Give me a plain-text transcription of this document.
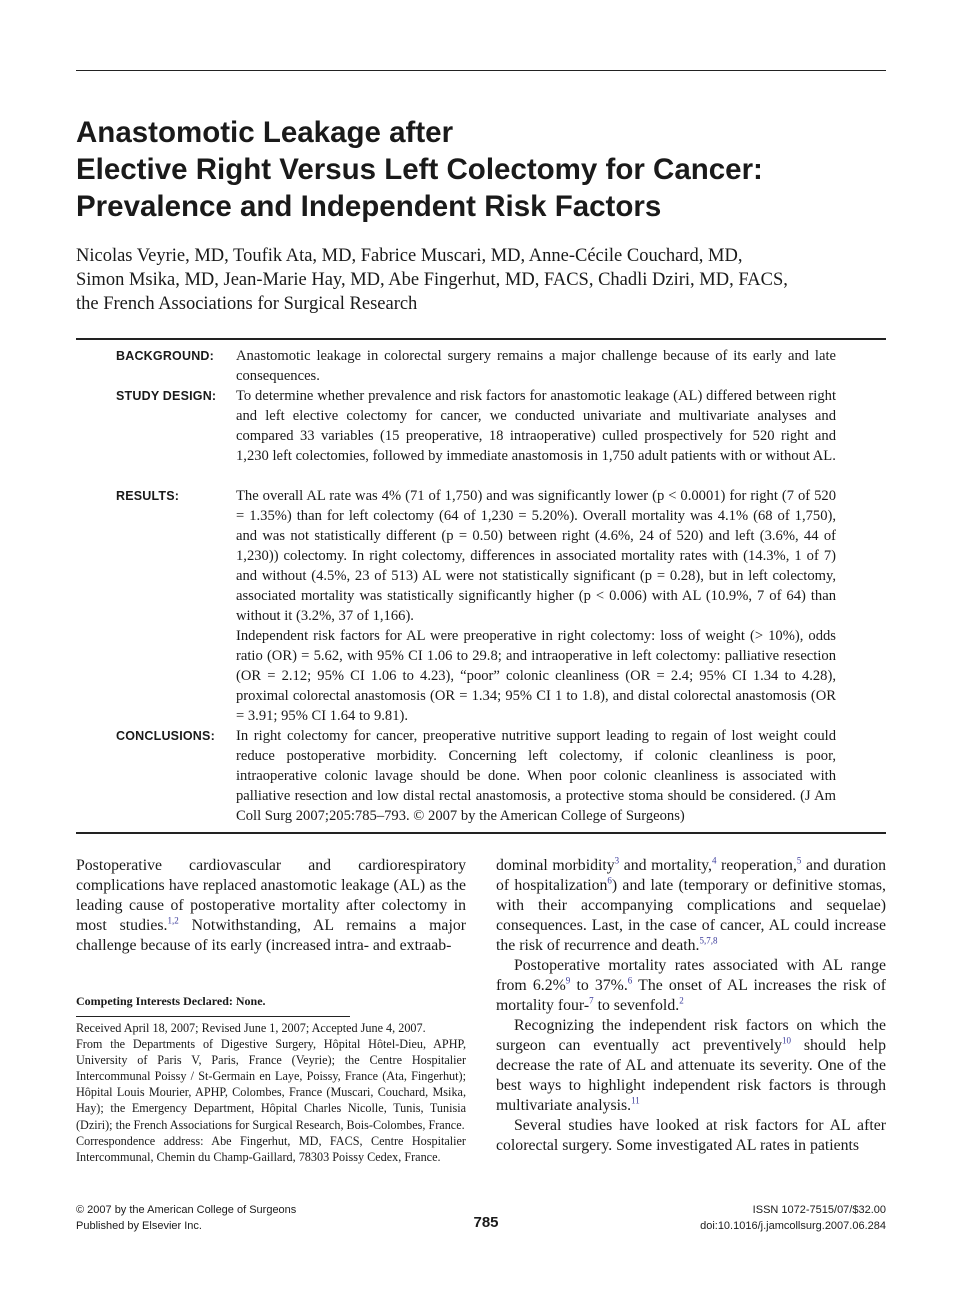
Anastomotic Leakage after
Elective Right Versus Left Colectomy for Cancer:
Prevalence and Independent Risk Factors
Nicolas Veyrie, MD, Toufik Ata, MD, Fabrice Muscari, MD, Anne-Cécile Couchard, MD,
Simon Msika, MD, Jean-Marie Hay, MD, Abe Fingerhut, MD, FACS, Chadli Dziri, MD, FACS,
the French Associations for Surgical Research
BACKGROUND: Anastomotic leakage in colorectal surgery remains a major challenge because of its early and late consequences.
STUDY DESIGN: To determine whether prevalence and risk factors for anastomotic leakage (AL) differed between right and left elective colectomy for cancer, we conducted univariate and multivariate analyses and compared 33 variables (15 preoperative, 18 intraoperative) culled prospectively for 520 right and 1,230 left colectomies, followed by immediate anastomosis in 1,750 adult patients with or without AL.
RESULTS:	The overall AL rate was 4% (71 of 1,750) and was significantly lower (p < 0.0001) for right (7 of 520 = 1.35%) than for left colectomy (64 of 1,230 = 5.20%). Overall mortality was 4.1% (68 of 1,750), and was not statistically different (p = 0.50) between right (4.6%, 24 of 520) and left (3.6%, 44 of 1,230)) colectomy. In right colectomy, differences in associated mortality rates with (14.3%, 1 of 7) and without (4.5%, 23 of 513) AL were not statistically significant (p = 0.28), but in left colectomy, associated mortality was statistically significantly higher (p < 0.006) with AL (10.9%, 7 of 64) than without it (3.2%, 37 of 1,166).

Independent risk factors for AL were preoperative in right colectomy: loss of weight (> 10%), odds ratio (OR) = 5.62, with 95% CI 1.06 to 29.8; and intraoperative in left colectomy: palliative resection (OR = 2.12; 95% CI 1.06 to 4.23), “poor” colonic cleanliness (OR = 2.4; 95% CI 1.34 to 4.28), proximal colorectal anastomosis (OR = 1.34; 95% CI 1 to 1.8), and distal colorectal anastomosis (OR = 3.91; 95% CI 1.64 to 9.81).

CONCLUSIONS: In right colectomy for cancer, preoperative nutritive support leading to regain of lost weight could reduce postoperative morbidity. Concerning left colectomy, if colonic cleanliness is poor, intraoperative colonic lavage should be done. When poor colonic cleanliness is associated with palliative resection and low distal rectal anastomosis, a protective stoma should be considered. (J Am Coll Surg 2007;205:785–793. © 2007 by the American College of Surgeons)

Postoperative cardiovascular and cardiorespiratory complications have replaced anastomotic leakage (AL) as the leading cause of postoperative mortality after colectomy in most studies.$^{1,2}$ Notwithstanding, AL remains a major challenge because of its early (increased intra- and extraab-

Competing Interests Declared: None.

Received April 18, 2007; Revised June 1, 2007; Accepted June 4, 2007.

From the Departments of Digestive Surgery, Hôpital Hôtel-Dieu, APHP, University of Paris V, Paris, France (Veyrie); the Centre Hospitalier Intercommunal Poissy / St-Germain en Laye, Poissy, France (Ata, Fingerhut); Hôpital Louis Mourier, APHP, Colombes, France (Muscari, Couchard, Msika, Hay); the Emergency Department, Hôpital Charles Nicolle, Tunis, Tunisia (Dziri); the French Associations for Surgical Research, Bois-Colombes, France.

Correspondence address: Abe Fingerhut, MD, FACS, Centre Hospitalier Intercommunal, Chemin du Champ-Gaillard, 78303 Poissy Cedex, France.

dominal morbidity$^3$ and mortality,$^4$ reoperation,$^5$ and duration of hospitalization$^6$) and late (temporary or definitive stomas, with their accompanying complications and sequelae) consequences. Last, in the case of cancer, AL could increase the risk of recurrence and death.$^{5,7,8}$

Postoperative mortality rates associated with AL range from 6.2%$^9$ to 37%.$^6$ The onset of AL increases the risk of mortality four-$^7$ to sevenfold.$^2$

Recognizing the independent risk factors on which the surgeon can eventually act preventively$^{10}$ should help decrease the rate of AL and attenuate its severity. One of the best ways to highlight independent risk factors is through multivariate analysis.$^{11}$

Several studies have looked at risk factors for AL after colorectal surgery. Some investigated AL rates in patients

© 2007 by the American College of Surgeons
Published by Elsevier Inc.	785
ISSN 1072-7515/07/$32.00
doi:10.1016/j.jamcollsurg.2007.06.284
